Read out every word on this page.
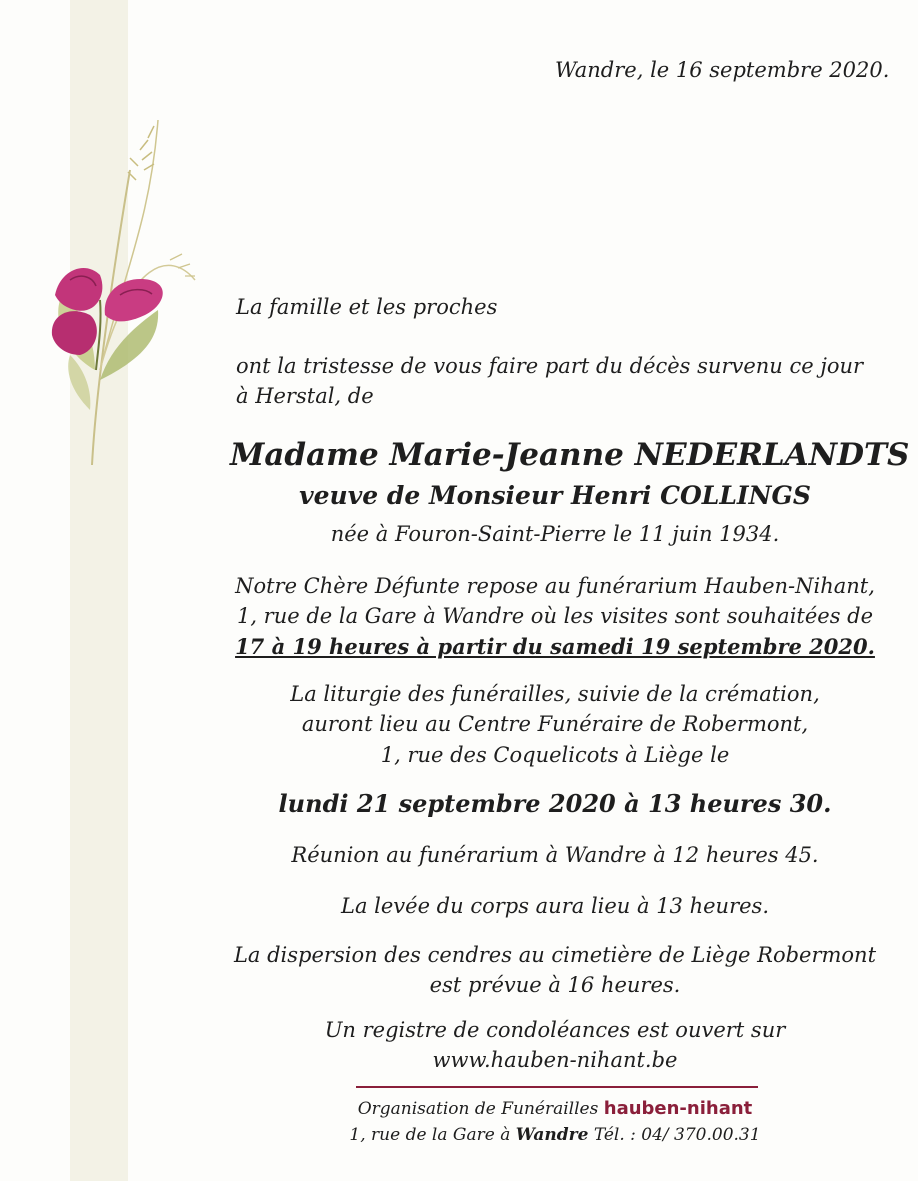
Wandre, le 16 septembre 2020.
La famille et les proches
ont la tristesse de vous faire part du décès survenu ce jour
à Herstal, de
Madame Marie-Jeanne NEDERLANDTS
veuve de Monsieur Henri COLLINGS
née à Fouron-Saint-Pierre le 11 juin 1934.
Notre Chère Défunte repose au funérarium Hauben-Nihant,
1, rue de la Gare à Wandre où les visites sont souhaitées de
17 à 19 heures à partir du samedi 19 septembre 2020.
La liturgie des funérailles, suivie de la crémation,
auront lieu au Centre Funéraire de Robermont,
1, rue des Coquelicots à Liège le
lundi 21 septembre 2020 à 13 heures 30.
Réunion au funérarium à Wandre à 12 heures 45.
La levée du corps aura lieu à 13 heures.
La dispersion des cendres au cimetière de Liège Robermont
est prévue à 16 heures.
Un registre de condoléances est ouvert sur
www.hauben-nihant.be
Organisation de Funérailles hauben-nihant
1, rue de la Gare à Wandre Tél. : 04/ 370.00.31
